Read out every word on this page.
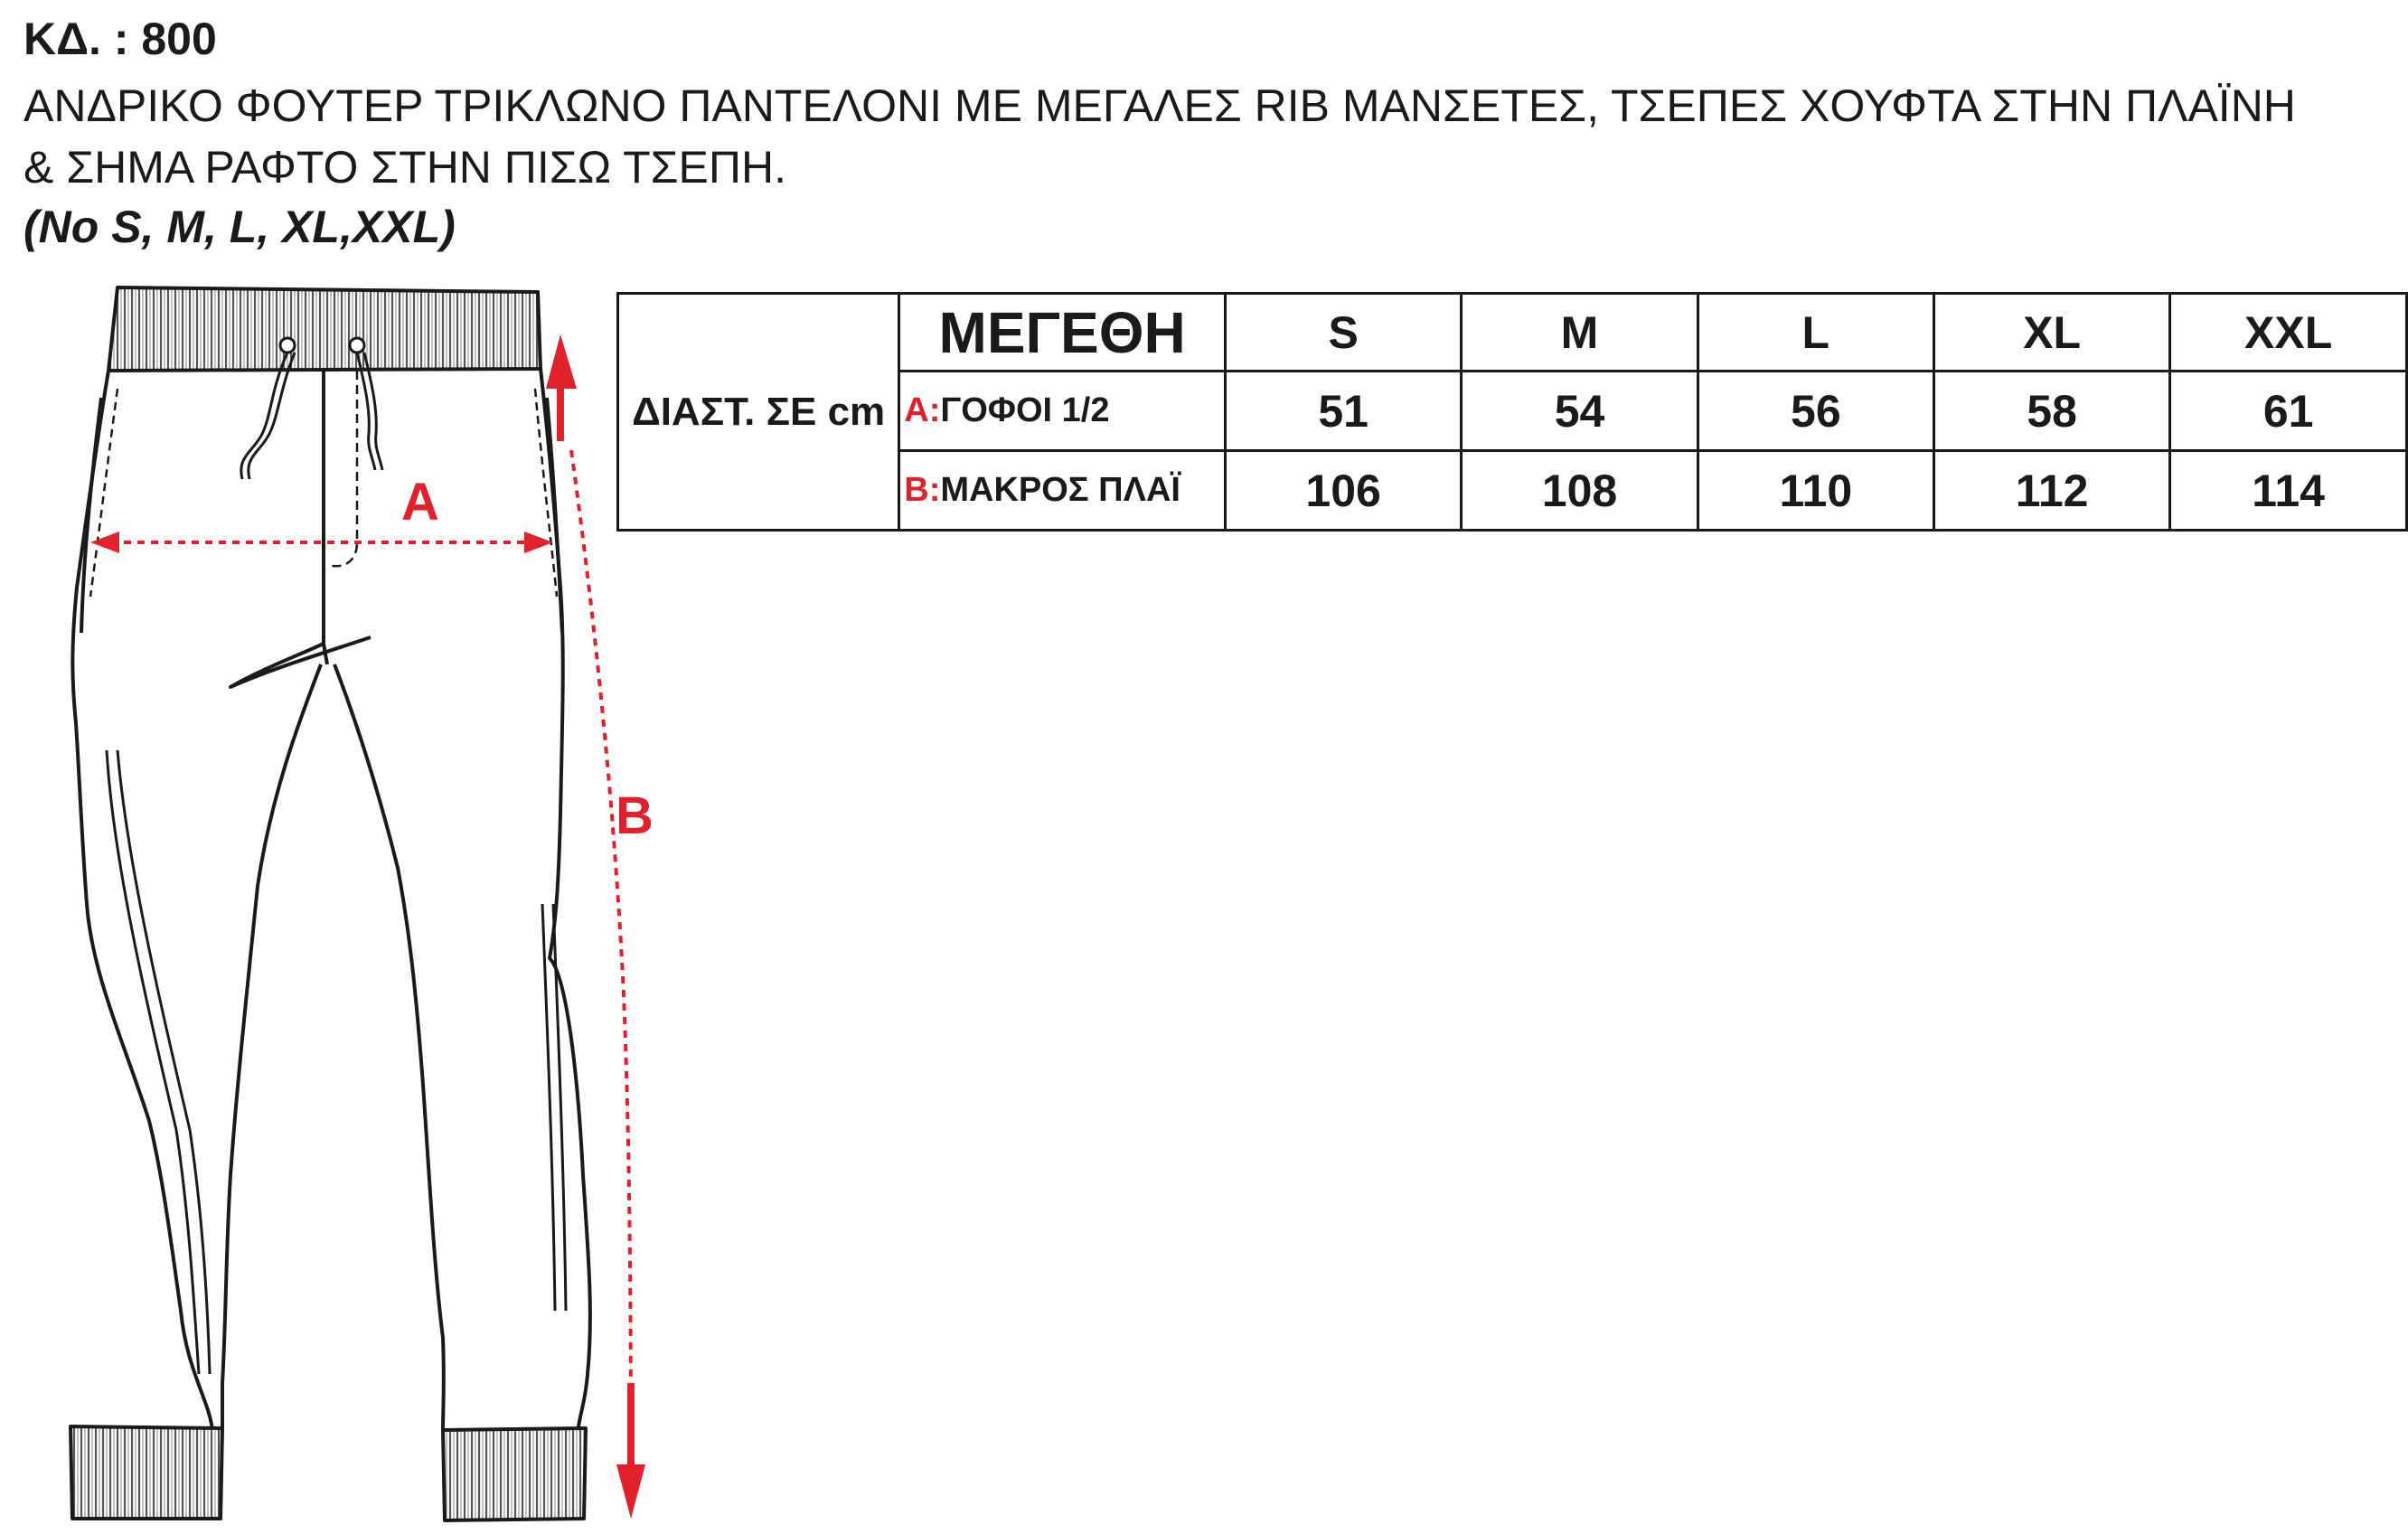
ΚΔ. : 800
ΑΝΔΡΙΚΟ ΦΟΥΤΕΡ ΤΡΙΚΛΩΝΟ ΠΑΝΤΕΛΟΝΙ ΜΕ ΜΕΓΑΛΕΣ RIB ΜΑΝΣΕΤΕΣ, ΤΣΕΠΕΣ ΧΟΥΦΤΑ ΣΤΗΝ ΠΛΑΪΝΗ
& ΣΗΜΑ ΡΑΦΤΟ ΣΤΗΝ ΠΙΣΩ ΤΣΕΠΗ.
(No S, M, L, XL,XXL)
A
B
ΔΙΑΣΤ. ΣΕ cm	ΜΕΓΕΘΗ	S	M	L	XL	XXL
	A:ΓΟΦΟΙ 1/2	51	54	56	58	61
	B:ΜΑΚΡΟΣ ΠΛΑΪ	106	108	110	112	114
